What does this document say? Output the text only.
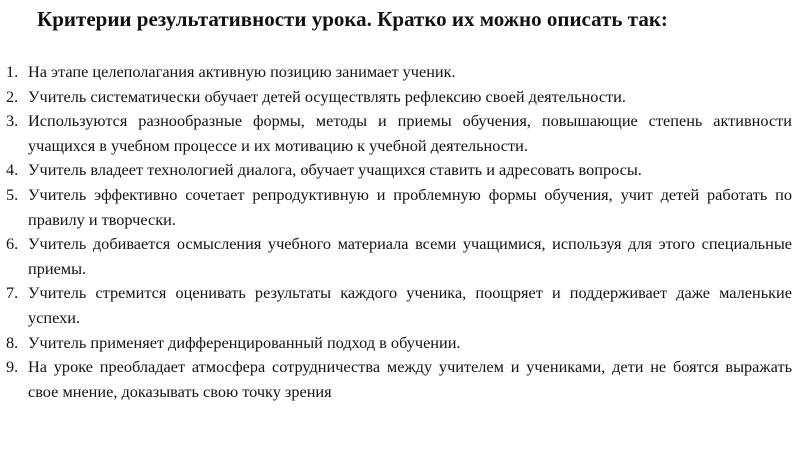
Критерии результативности урока. Кратко их можно описать так:
1. На этапе целеполагания активную позицию занимает ученик.
2. Учитель систематически обучает детей осуществлять рефлексию своей деятельности.
3. Используются разнообразные формы, методы и приемы обучения, повышающие степень активности учащихся в учебном процессе и их мотивацию к учебной деятельности.
4. Учитель владеет технологией диалога, обучает учащихся ставить и адресовать вопросы.
5. Учитель эффективно сочетает репродуктивную и проблемную формы обучения, учит детей работать по правилу и творчески.
6. Учитель добивается осмысления учебного материала всеми учащимися, используя для этого специальные приемы.
7. Учитель стремится оценивать результаты каждого ученика, поощряет и поддерживает даже маленькие успехи.
8. Учитель применяет дифференцированный подход в обучении.
9. На уроке преобладает атмосфера сотрудничества между учителем и учениками, дети не боятся выражать свое мнение, доказывать свою точку зрения
